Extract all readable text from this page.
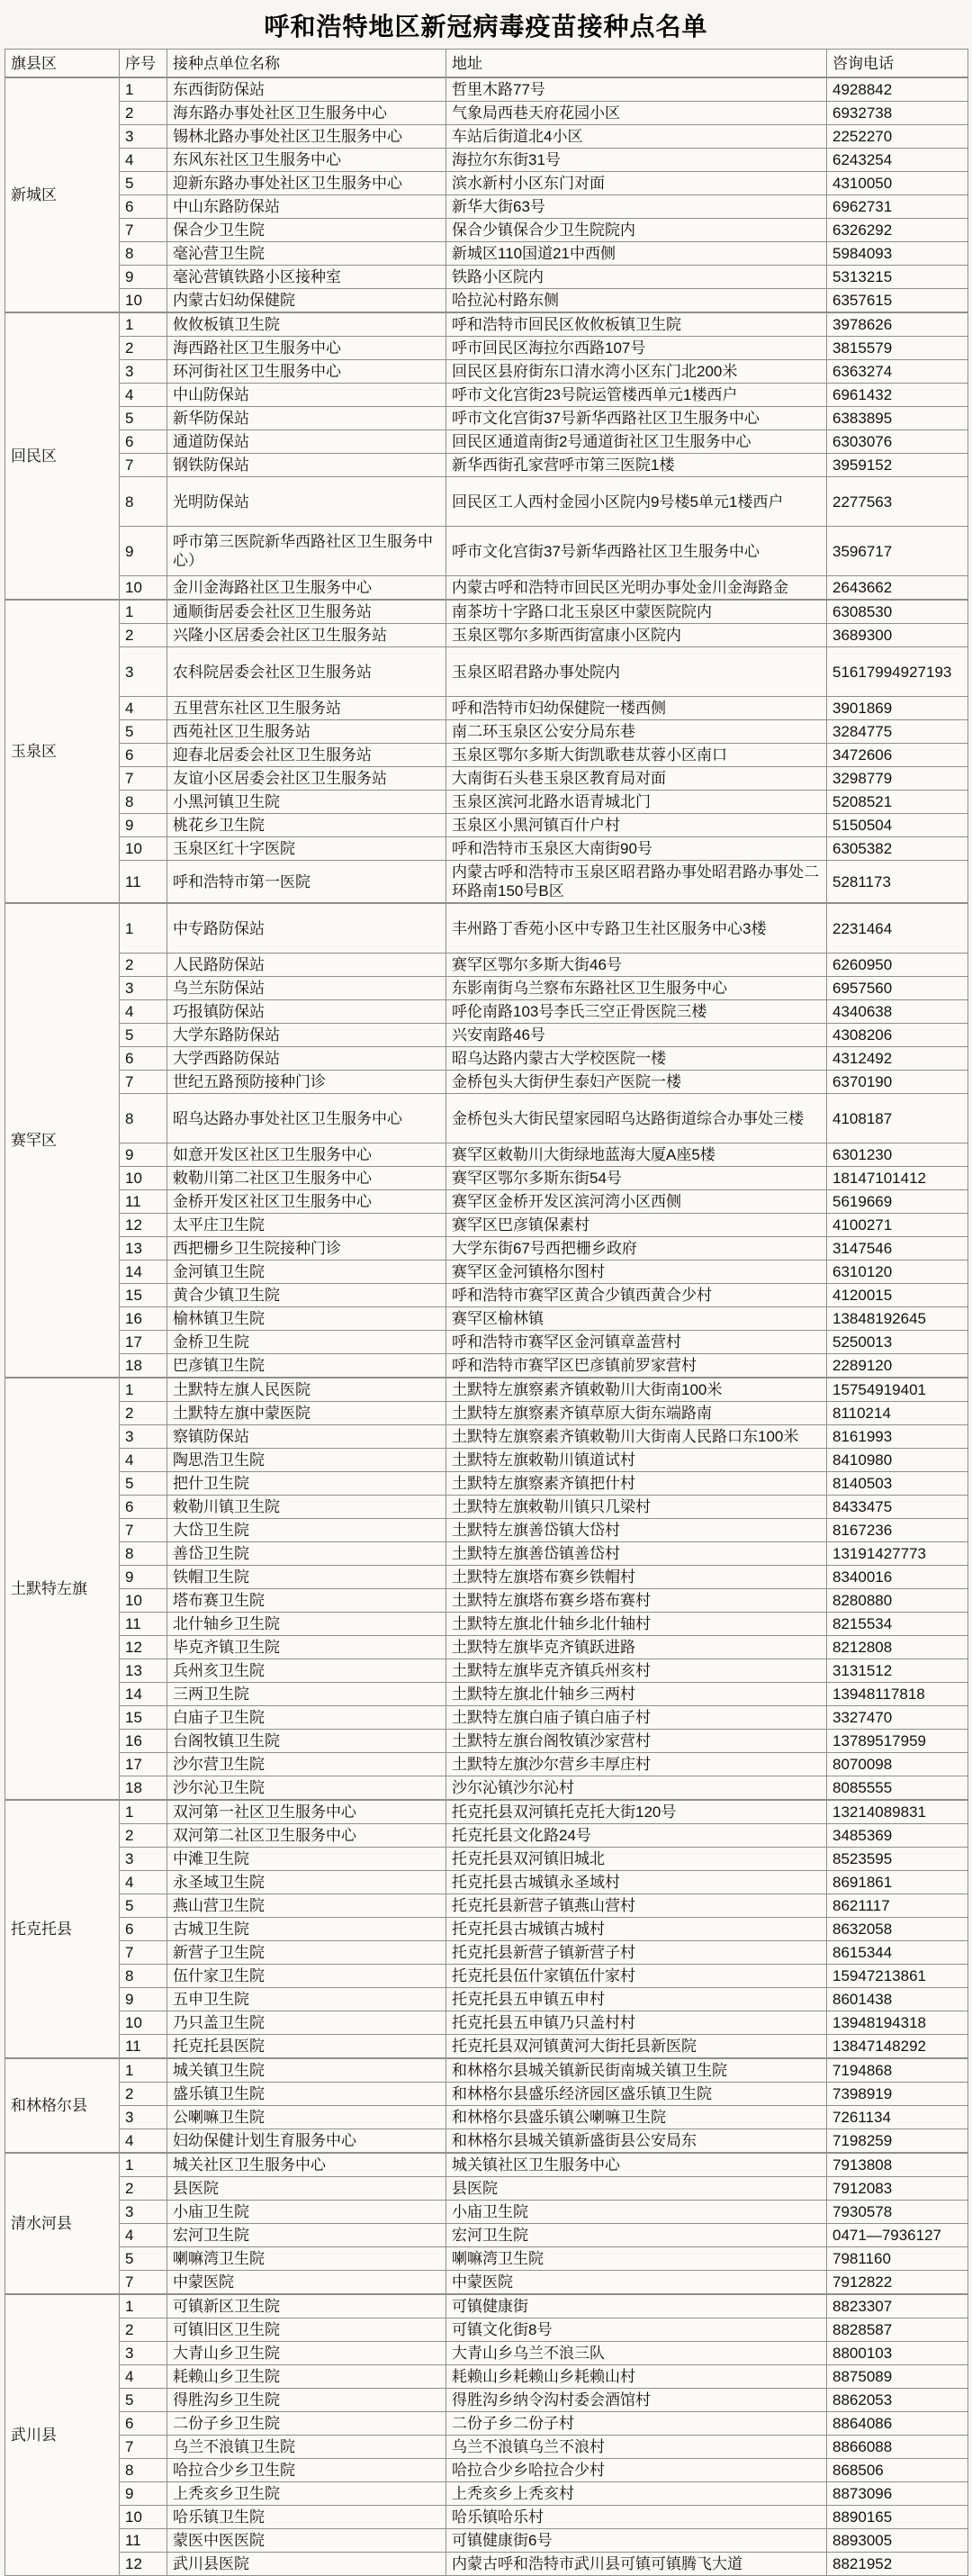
呼和浩特地区新冠病毒疫苗接种点名单
旗县区	序号	接种点单位名称	地址	咨询电话
新城区	1	东西街防保站	哲里木路77号	4928842
	2	海东路办事处社区卫生服务中心	气象局西巷天府花园小区	6932738
	3	锡林北路办事处社区卫生服务中心	车站后街道北4小区	2252270
	4	东风东社区卫生服务中心	海拉尔东街31号	6243254
	5	迎新东路办事处社区卫生服务中心	滨水新村小区东门对面	4310050
	6	中山东路防保站	新华大街63号	6962731
	7	保合少卫生院	保合少镇保合少卫生院院内	6326292
	8	毫沁营卫生院	新城区110国道21中西侧	5984093
	9	毫沁营镇铁路小区接种室	铁路小区院内	5313215
	10	内蒙古妇幼保健院	哈拉沁村路东侧	6357615
回民区	1	攸攸板镇卫生院	呼和浩特市回民区攸攸板镇卫生院	3978626
	2	海西路社区卫生服务中心	呼市回民区海拉尔西路107号	3815579
	3	环河街社区卫生服务中心	回民区县府街东口清水湾小区东门北200米	6363274
	4	中山防保站	呼市文化宫街23号院运管楼西单元1楼西户	6961432
	5	新华防保站	呼市文化宫街37号新华西路社区卫生服务中心	6383895
	6	通道防保站	回民区通道南街2号通道街社区卫生服务中心	6303076
	7	钢铁防保站	新华西街孔家营呼市第三医院1楼	3959152
	8	光明防保站	回民区工人西村金园小区院内9号楼5单元1楼西户	2277563
	9	呼市第三医院新华西路社区卫生服务中心）	呼市文化宫街37号新华西路社区卫生服务中心	3596717
	10	金川金海路社区卫生服务中心	内蒙古呼和浩特市回民区光明办事处金川金海路金	2643662
玉泉区	1	通顺街居委会社区卫生服务站	南茶坊十字路口北玉泉区中蒙医院院内	6308530
	2	兴隆小区居委会社区卫生服务站	玉泉区鄂尔多斯西街富康小区院内	3689300
	3	农科院居委会社区卫生服务站	玉泉区昭君路办事处院内	51617994927193
	4	五里营东社区卫生服务站	呼和浩特市妇幼保健院一楼西侧	3901869
	5	西苑社区卫生服务站	南二环玉泉区公安分局东巷	3284775
	6	迎春北居委会社区卫生服务站	玉泉区鄂尔多斯大街凯歌巷苁蓉小区南口	3472606
	7	友谊小区居委会社区卫生服务站	大南街石头巷玉泉区教育局对面	3298779
	8	小黑河镇卫生院	玉泉区滨河北路水语青城北门	5208521
	9	桃花乡卫生院	玉泉区小黑河镇百什户村	5150504
	10	玉泉区红十字医院	呼和浩特市玉泉区大南街90号	6305382
	11	呼和浩特市第一医院	内蒙古呼和浩特市玉泉区昭君路办事处昭君路办事处二环路南150号B区	5281173
赛罕区	1	中专路防保站	丰州路丁香苑小区中专路卫生社区服务中心3楼	2231464
	2	人民路防保站	赛罕区鄂尔多斯大街46号	6260950
	3	乌兰东防保站	东影南街乌兰察布东路社区卫生服务中心	6957560
	4	巧报镇防保站	呼伦南路103号李氏三空正骨医院三楼	4340638
	5	大学东路防保站	兴安南路46号	4308206
	6	大学西路防保站	昭乌达路内蒙古大学校医院一楼	4312492
	7	世纪五路预防接种门诊	金桥包头大街伊生泰妇产医院一楼	6370190
	8	昭乌达路办事处社区卫生服务中心	金桥包头大街民望家园昭乌达路街道综合办事处三楼	4108187
	9	如意开发区社区卫生服务中心	赛罕区敕勒川大街绿地蓝海大厦A座5楼	6301230
	10	敕勒川第二社区卫生服务中心	赛罕区鄂尔多斯东街54号	18147101412
	11	金桥开发区社区卫生服务中心	赛罕区金桥开发区滨河湾小区西侧	5619669
	12	太平庄卫生院	赛罕区巴彦镇保素村	4100271
	13	西把栅乡卫生院接种门诊	大学东街67号西把栅乡政府	3147546
	14	金河镇卫生院	赛罕区金河镇格尔图村	6310120
	15	黄合少镇卫生院	呼和浩特市赛罕区黄合少镇西黄合少村	4120015
	16	榆林镇卫生院	赛罕区榆林镇	13848192645
	17	金桥卫生院	呼和浩特市赛罕区金河镇章盖营村	5250013
	18	巴彦镇卫生院	呼和浩特市赛罕区巴彦镇前罗家营村	2289120
土默特左旗	1	土默特左旗人民医院	土默特左旗察素齐镇敕勒川大街南100米	15754919401
	2	土默特左旗中蒙医院	土默特左旗察素齐镇草原大街东端路南	8110214
	3	察镇防保站	土默特左旗察素齐镇敕勒川大街南人民路口东100米	8161993
	4	陶思浩卫生院	土默特左旗敕勒川镇道试村	8410980
	5	把什卫生院	土默特左旗察素齐镇把什村	8140503
	6	敕勒川镇卫生院	土默特左旗敕勒川镇只几梁村	8433475
	7	大岱卫生院	土默特左旗善岱镇大岱村	8167236
	8	善岱卫生院	土默特左旗善岱镇善岱村	13191427773
	9	铁帽卫生院	土默特左旗塔布赛乡铁帽村	8340016
	10	塔布赛卫生院	土默特左旗塔布赛乡塔布赛村	8280880
	11	北什轴乡卫生院	土默特左旗北什轴乡北什轴村	8215534
	12	毕克齐镇卫生院	土默特左旗毕克齐镇跃进路	8212808
	13	兵州亥卫生院	土默特左旗毕克齐镇兵州亥村	3131512
	14	三两卫生院	土默特左旗北什轴乡三两村	13948117818
	15	白庙子卫生院	土默特左旗白庙子镇白庙子村	3327470
	16	台阁牧镇卫生院	土默特左旗台阁牧镇沙家营村	13789517959
	17	沙尔营卫生院	土默特左旗沙尔营乡丰厚庄村	8070098
	18	沙尔沁卫生院	沙尔沁镇沙尔沁村	8085555
托克托县	1	双河第一社区卫生服务中心	托克托县双河镇托克托大街120号	13214089831
	2	双河第二社区卫生服务中心	托克托县文化路24号	3485369
	3	中滩卫生院	托克托县双河镇旧城北	8523595
	4	永圣域卫生院	托克托县古城镇永圣域村	8691861
	5	燕山营卫生院	托克托县新营子镇燕山营村	8621117
	6	古城卫生院	托克托县古城镇古城村	8632058
	7	新营子卫生院	托克托县新营子镇新营子村	8615344
	8	伍什家卫生院	托克托县伍什家镇伍什家村	15947213861
	9	五申卫生院	托克托县五申镇五申村	8601438
	10	乃只盖卫生院	托克托县五申镇乃只盖村村	13948194318
	11	托克托县医院	托克托县双河镇黄河大街托县新医院	13847148292
和林格尔县	1	城关镇卫生院	和林格尔县城关镇新民街南城关镇卫生院	7194868
	2	盛乐镇卫生院	和林格尔县盛乐经济园区盛乐镇卫生院	7398919
	3	公喇嘛卫生院	和林格尔县盛乐镇公喇嘛卫生院	7261134
	4	妇幼保健计划生育服务中心	和林格尔县城关镇新盛街县公安局东	7198259
清水河县	1	城关社区卫生服务中心	城关镇社区卫生服务中心	7913808
	2	县医院	县医院	7912083
	3	小庙卫生院	小庙卫生院	7930578
	4	宏河卫生院	宏河卫生院	0471—7936127
	5	喇嘛湾卫生院	喇嘛湾卫生院	7981160
	7	中蒙医院	中蒙医院	7912822
武川县	1	可镇新区卫生院	可镇健康街	8823307
	2	可镇旧区卫生院	可镇文化街8号	8828587
	3	大青山乡卫生院	大青山乡乌兰不浪三队	8800103
	4	耗赖山乡卫生院	耗赖山乡耗赖山乡耗赖山村	8875089
	5	得胜沟乡卫生院	得胜沟乡纳令沟村委会酒馆村	8862053
	6	二份子乡卫生院	二份子乡二份子村	8864086
	7	乌兰不浪镇卫生院	乌兰不浪镇乌兰不浪村	8866088
	8	哈拉合少乡卫生院	哈拉合少乡哈拉合少村	868506
	9	上秃亥乡卫生院	上秃亥乡上秃亥村	8873096
	10	哈乐镇卫生院	哈乐镇哈乐村	8890165
	11	蒙医中医医院	可镇健康街6号	8893005
	12	武川县医院	内蒙古呼和浩特市武川县可镇可镇腾飞大道	8821952
